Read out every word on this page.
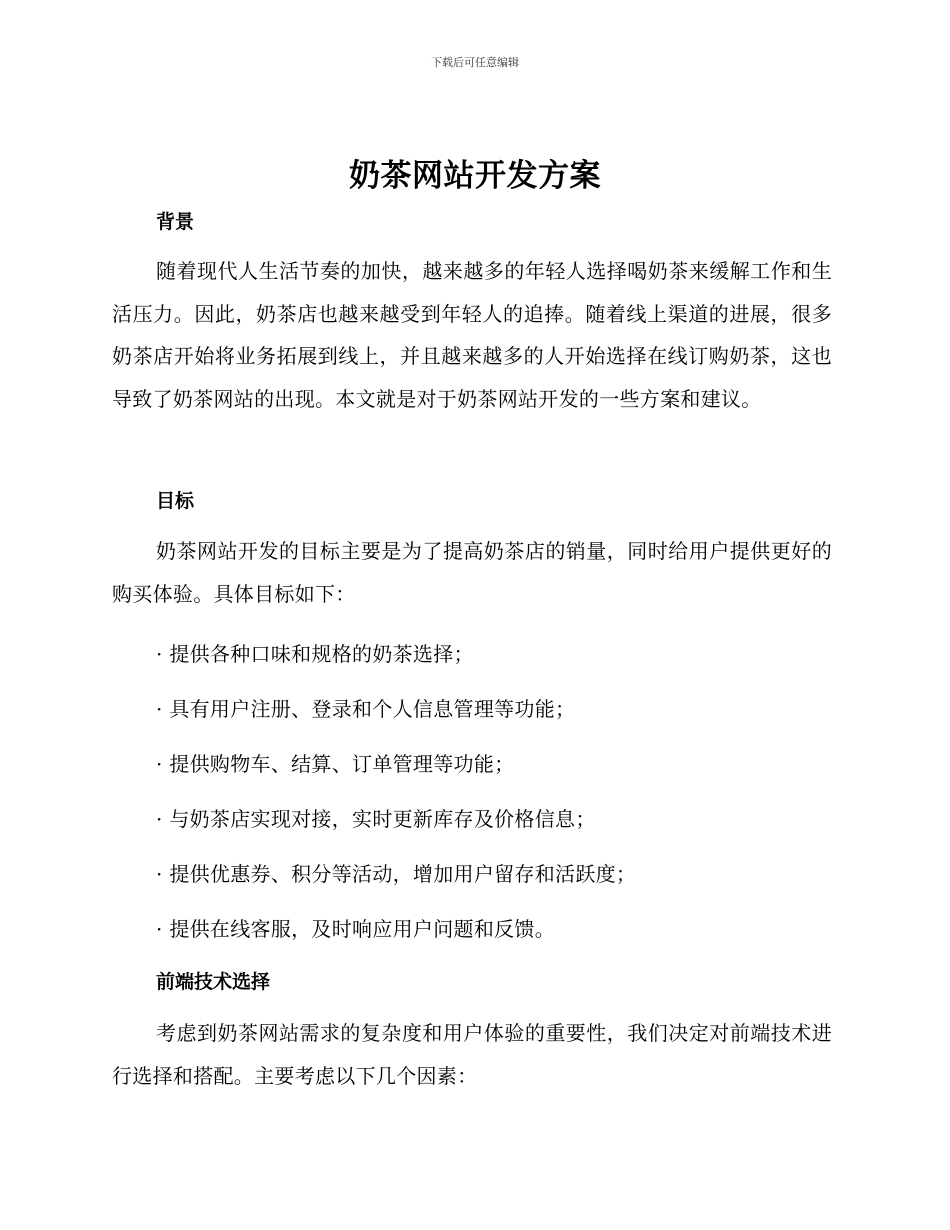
下载后可任意编辑
奶茶网站开发方案
背景

随着现代人生活节奏的加快，越来越多的年轻人选择喝奶茶来缓解工作和生活压力。因此，奶茶店也越来越受到年轻人的追捧。随着线上渠道的进展，很多奶茶店开始将业务拓展到线上，并且越来越多的人开始选择在线订购奶茶，这也导致了奶茶网站的出现。本文就是对于奶茶网站开发的一些方案和建议。

目标

奶茶网站开发的目标主要是为了提高奶茶店的销量，同时给用户提供更好的购买体验。具体目标如下：

· 提供各种口味和规格的奶茶选择；

· 具有用户注册、登录和个人信息管理等功能；

· 提供购物车、结算、订单管理等功能；

· 与奶茶店实现对接，实时更新库存及价格信息；

· 提供优惠券、积分等活动，增加用户留存和活跃度；

· 提供在线客服，及时响应用户问题和反馈。

前端技术选择

考虑到奶茶网站需求的复杂度和用户体验的重要性，我们决定对前端技术进行选择和搭配。主要考虑以下几个因素：
